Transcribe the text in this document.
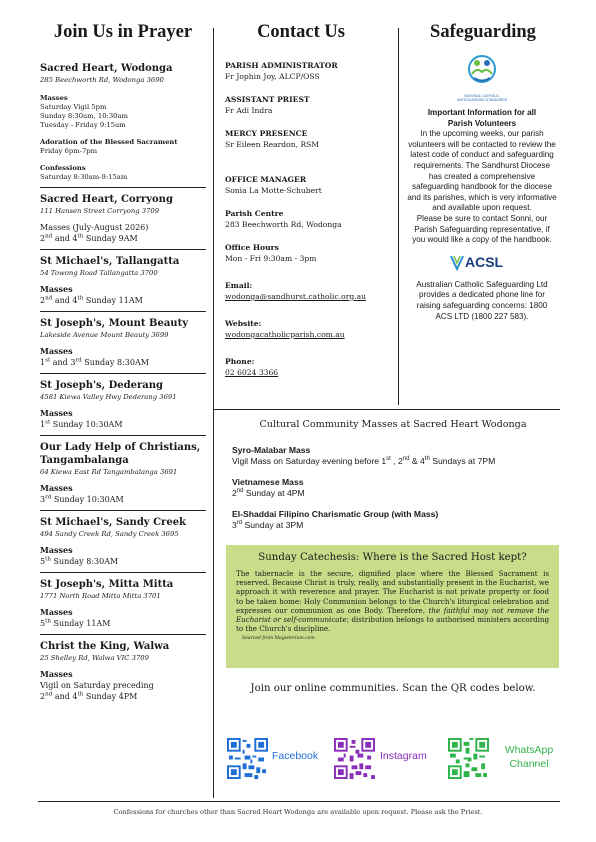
Join Us in Prayer	Contact Us	Safeguarding
Sacred Heart, Wodonga
285 Beechworth Rd, Wodonga 3690
Masses
Saturday Vigil 5pm
Sunday 8:30am, 10:30am
Tuesday - Friday 9:15am
Adoration of the Blessed Sacrament
Friday 6pm-7pm
Confessions
Saturday 8:30am-9:15am
Sacred Heart, Corryong
111 Hansen Street Corryong 3709
Masses (July-August 2026)
2nd and 4th Sunday 9AM
St Michael's, Tallangatta
54 Towong Road Tallangatta 3700
Masses
2nd and 4th Sunday 11AM
St Joseph's, Mount Beauty
Lakeside Avenue Mount Beauty 3699
Masses
1st and 3rd Sunday 8:30AM
St Joseph's, Dederang
4581 Kiewa Valley Hwy Dederang 3691
Masses
1st Sunday 10:30AM
Our Lady Help of Christians, Tangambalanga
64 Kiewa East Rd Tangambalanga 3691
Masses
3rd Sunday 10:30AM
St Michael's, Sandy Creek
494 Sandy Creek Rd, Sandy Creek 3695
Masses
5th Sunday 8:30AM
St Joseph's, Mitta Mitta
1771 North Road Mitta Mitta 3701
Masses
5th Sunday 11AM
Christ the King, Walwa
25 Shelley Rd, Walwa VIC 3709
Masses
Vigil on Saturday preceding
2nd and 4th Sunday 4PM
PARISH ADMINISTRATOR
Fr Jophin Joy, ALCP/OSS
ASSISTANT PRIEST
Fr Adi Indra
MERCY PRESENCE
Sr Eileen Reardon, RSM
OFFICE MANAGER
Sonia La Motte-Schubert
Parish Centre
283 Beechworth Rd, Wodonga
Office Hours
Mon - Fri 9:30am - 3pm
Email:
wodonga@sandhurst.catholic.org.au
Website:
wodongacatholicparish.com.au
Phone:
02 6024 3366
NATIONAL CATHOLIC SAFEGUARDING STANDARDS
Important Information for all Parish Volunteers
In the upcoming weeks, our parish volunteers will be contacted to review the latest code of conduct and safeguarding requirements. The Sandhurst Diocese has created a comprehensive safeguarding handbook for the diocese and its parishes, which is very informative and available upon request.
Please be sure to contact Sonni, our Parish Safeguarding representative, if you would like a copy of the handbook.
ACSL
Australian Catholic Safeguarding Ltd provides a dedicated phone line for raising safeguarding concerns: 1800 ACS LTD (1800 227 583).
Cultural Community Masses at Sacred Heart Wodonga
Syro-Malabar Mass
Vigil Mass on Saturday evening before 1st , 2nd & 4th Sundays at 7PM
Vietnamese Mass
2nd Sunday at 4PM
El-Shaddai Filipino Charismatic Group (with Mass)
3rd Sunday at 3PM
Sunday Catechesis: Where is the Sacred Host kept?
The tabernacle is the secure, dignified place where the Blessed Sacrament is reserved. Because Christ is truly, really, and substantially present in the Eucharist, we approach it with reverence and prayer. The Eucharist is not private property or food to be taken home: Holy Communion belongs to the Church's liturgical celebration and expresses our communion as one Body. Therefore, the faithful may not remove the Eucharist or self-communicate; distribution belongs to authorised ministers according to the Church's discipline.
Sourced from Magisterium.com
Join our online communities. Scan the QR codes below.
Facebook	Instagram	WhatsApp
Channel
Confessions for churches other than Sacred Heart Wodonga are available upon request. Please ask the Priest.
